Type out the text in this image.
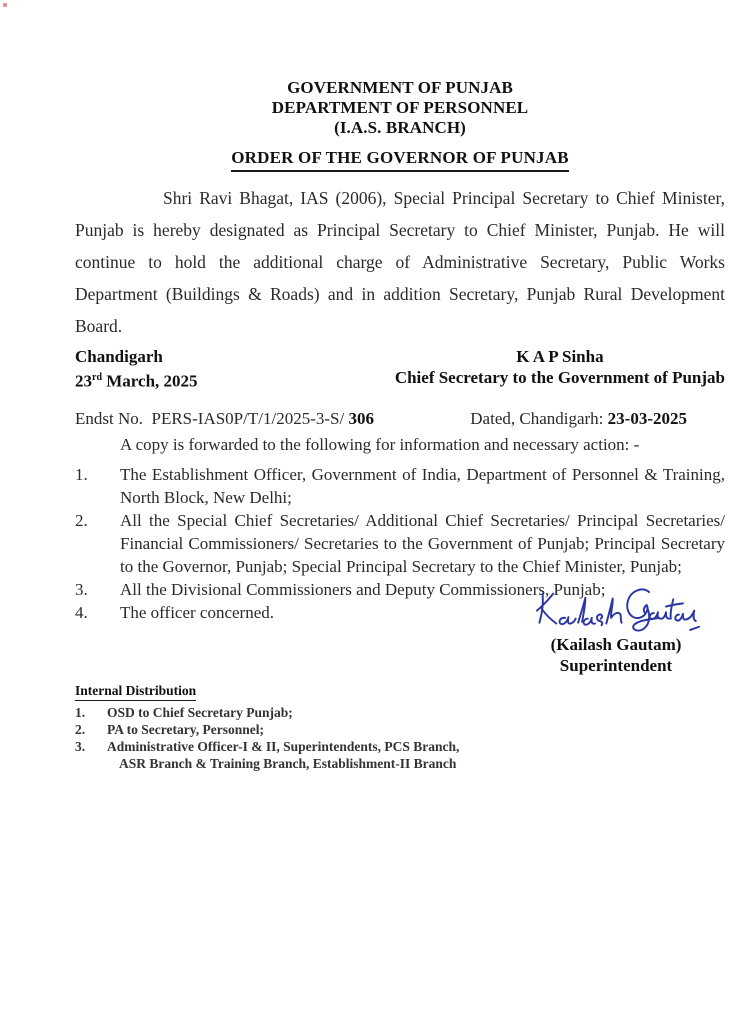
GOVERNMENT OF PUNJAB
DEPARTMENT OF PERSONNEL
(I.A.S. BRANCH)
ORDER OF THE GOVERNOR OF PUNJAB
Shri Ravi Bhagat, IAS (2006), Special Principal Secretary to Chief Minister, Punjab is hereby designated as Principal Secretary to Chief Minister, Punjab. He will continue to hold the additional charge of Administrative Secretary, Public Works Department (Buildings & Roads) and in addition Secretary, Punjab Rural Development Board.
Chandigarh
23rd March, 2025
K A P Sinha
Chief Secretary to the Government of Punjab
Endst No.  PERS-IAS0P/T/1/2025-3-S/ 306	Dated, Chandigarh: 23-03-2025
A copy is forwarded to the following for information and necessary action: -
1.	The Establishment Officer, Government of India, Department of Personnel & Training, North Block, New Delhi;
2.	All the Special Chief Secretaries/ Additional Chief Secretaries/ Principal Secretaries/ Financial Commissioners/ Secretaries to the Government of Punjab; Principal Secretary to the Governor, Punjab; Special Principal Secretary to the Chief Minister, Punjab;
3.	All the Divisional Commissioners and Deputy Commissioners, Punjab;
4.	The officer concerned.
(Kailash Gautam)
Superintendent
Internal Distribution
1.	OSD to Chief Secretary Punjab;
2.	PA to Secretary, Personnel;
3.	Administrative Officer-I & II, Superintendents, PCS Branch,
ASR Branch & Training Branch, Establishment-II Branch
